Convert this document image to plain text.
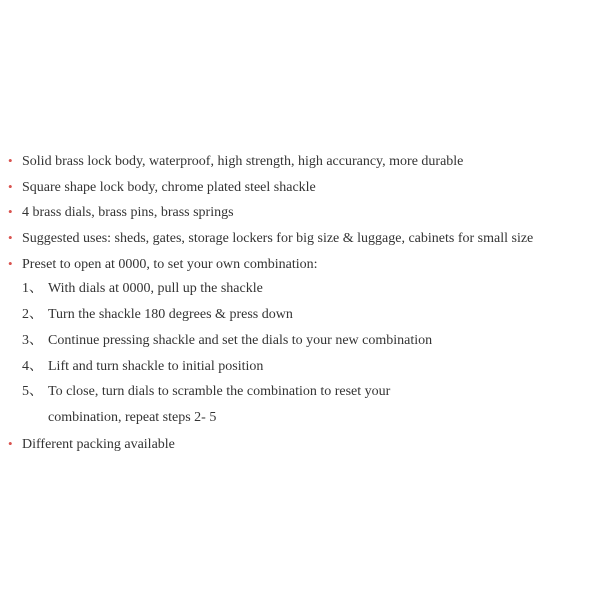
• Solid brass lock body, waterproof, high strength, high accurancy, more durable
• Square shape lock body, chrome plated steel shackle
• 4 brass dials, brass pins, brass springs
• Suggested uses: sheds, gates, storage lockers for big size & luggage, cabinets for small size
• Preset to open at 0000, to set your own combination:
1、 With dials at 0000, pull up the shackle
2、 Turn the shackle 180 degrees & press down
3、 Continue pressing shackle and set the dials to your new combination
4、 Lift and turn shackle to initial position
5、 To close, turn dials to scramble the combination to reset your
combination, repeat steps 2- 5
• Different packing available
